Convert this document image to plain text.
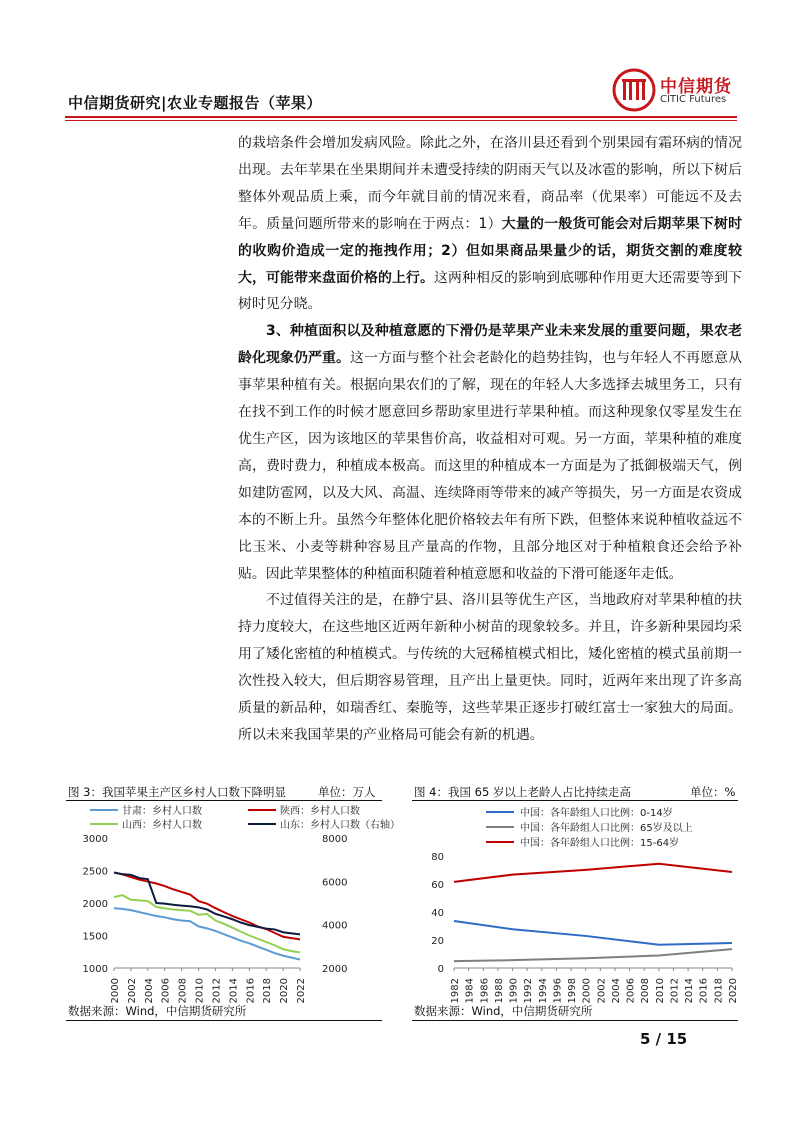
中信期货研究|农业专题报告（苹果）
中信期货
CITIC Futures

的栽培条件会增加发病风险。除此之外，在洛川县还看到个别果园有霜环病的情况出现。去年苹果在坐果期间并未遭受持续的阴雨天气以及冰雹的影响，所以下树后整体外观品质上乘，而今年就目前的情况来看，商品率（优果率）可能远不及去年。质量问题所带来的影响在于两点：1）大量的一般货可能会对后期苹果下树时的收购价造成一定的拖拽作用；2）但如果商品果量少的话，期货交割的难度较大，可能带来盘面价格的上行。这两种相反的影响到底哪种作用更大还需要等到下树时见分晓。

3、种植面积以及种植意愿的下滑仍是苹果产业未来发展的重要问题，果农老龄化现象仍严重。这一方面与整个社会老龄化的趋势挂钩，也与年轻人不再愿意从事苹果种植有关。根据向果农们的了解，现在的年轻人大多选择去城里务工，只有在找不到工作的时候才愿意回乡帮助家里进行苹果种植。而这种现象仅零星发生在优生产区，因为该地区的苹果售价高，收益相对可观。另一方面，苹果种植的难度高，费时费力，种植成本极高。而这里的种植成本一方面是为了抵御极端天气，例如建防雹网，以及大风、高温、连续降雨等带来的减产等损失，另一方面是农资成本的不断上升。虽然今年整体化肥价格较去年有所下跌，但整体来说种植收益远不比玉米、小麦等耕种容易且产量高的作物，且部分地区对于种植粮食还会给予补贴。因此苹果整体的种植面积随着种植意愿和收益的下滑可能逐年走低。

不过值得关注的是，在静宁县、洛川县等优生产区，当地政府对苹果种植的扶持力度较大，在这些地区近两年新种小树苗的现象较多。并且，许多新种果园均采用了矮化密植的种植模式。与传统的大冠稀植模式相比，矮化密植的模式虽前期一次性投入较大，但后期容易管理，且产出上量更快。同时，近两年来出现了许多高质量的新品种，如瑞香红、秦脆等，这些苹果正逐步打破红富士一家独大的局面。所以未来我国苹果的产业格局可能会有新的机遇。

图 3：我国苹果主产区乡村人口数下降明显	单位：万人
甘肃：乡村人口数	陕西：乡村人口数
山西：乡村人口数	山东：乡村人口数（右轴）
3000
2500
2000
1500
1000
8000
6000
4000
2000
2000 2002 2004 2006 2008 2010 2012 2014 2016 2018 2020 2022
数据来源：Wind，中信期货研究所
图 4：我国 65 岁以上老龄人占比持续走高	单位：%
中国：各年龄组人口比例：0-14岁
中国：各年龄组人口比例：65岁及以上
中国：各年龄组人口比例：15-64岁
80
60
40
20
0
1982 1984 1986 1988 1990 1992 1994 1996 1998 2000 2002 2004 2006 2008 2010 2012 2014 2016 2018 2020
数据来源：Wind，中信期货研究所
5 / 15
